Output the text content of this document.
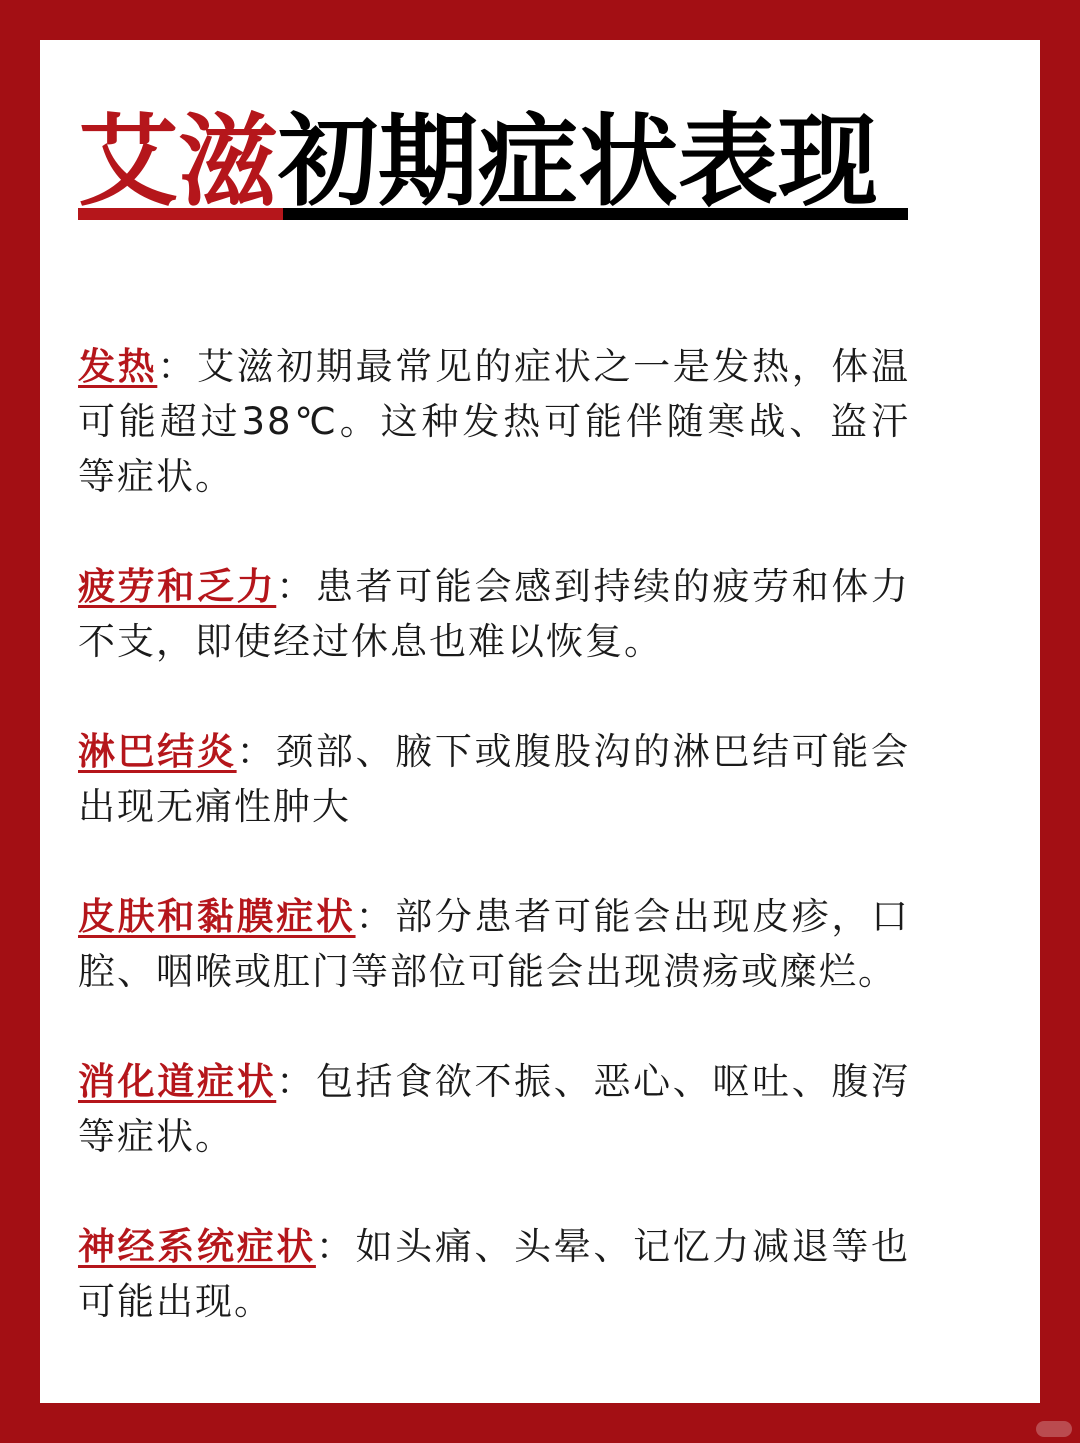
艾滋初期症状表现

发热：艾滋初期最常见的症状之一是发热，体温可能超过38℃。这种发热可能伴随寒战、盗汗等症状。

疲劳和乏力：患者可能会感到持续的疲劳和体力不支，即使经过休息也难以恢复。

淋巴结炎：颈部、腋下或腹股沟的淋巴结可能会出现无痛性肿大

皮肤和黏膜症状：部分患者可能会出现皮疹，口腔、咽喉或肛门等部位可能会出现溃疡或糜烂。

消化道症状：包括食欲不振、恶心、呕吐、腹泻等症状。

神经系统症状：如头痛、头晕、记忆力减退等也可能出现。
